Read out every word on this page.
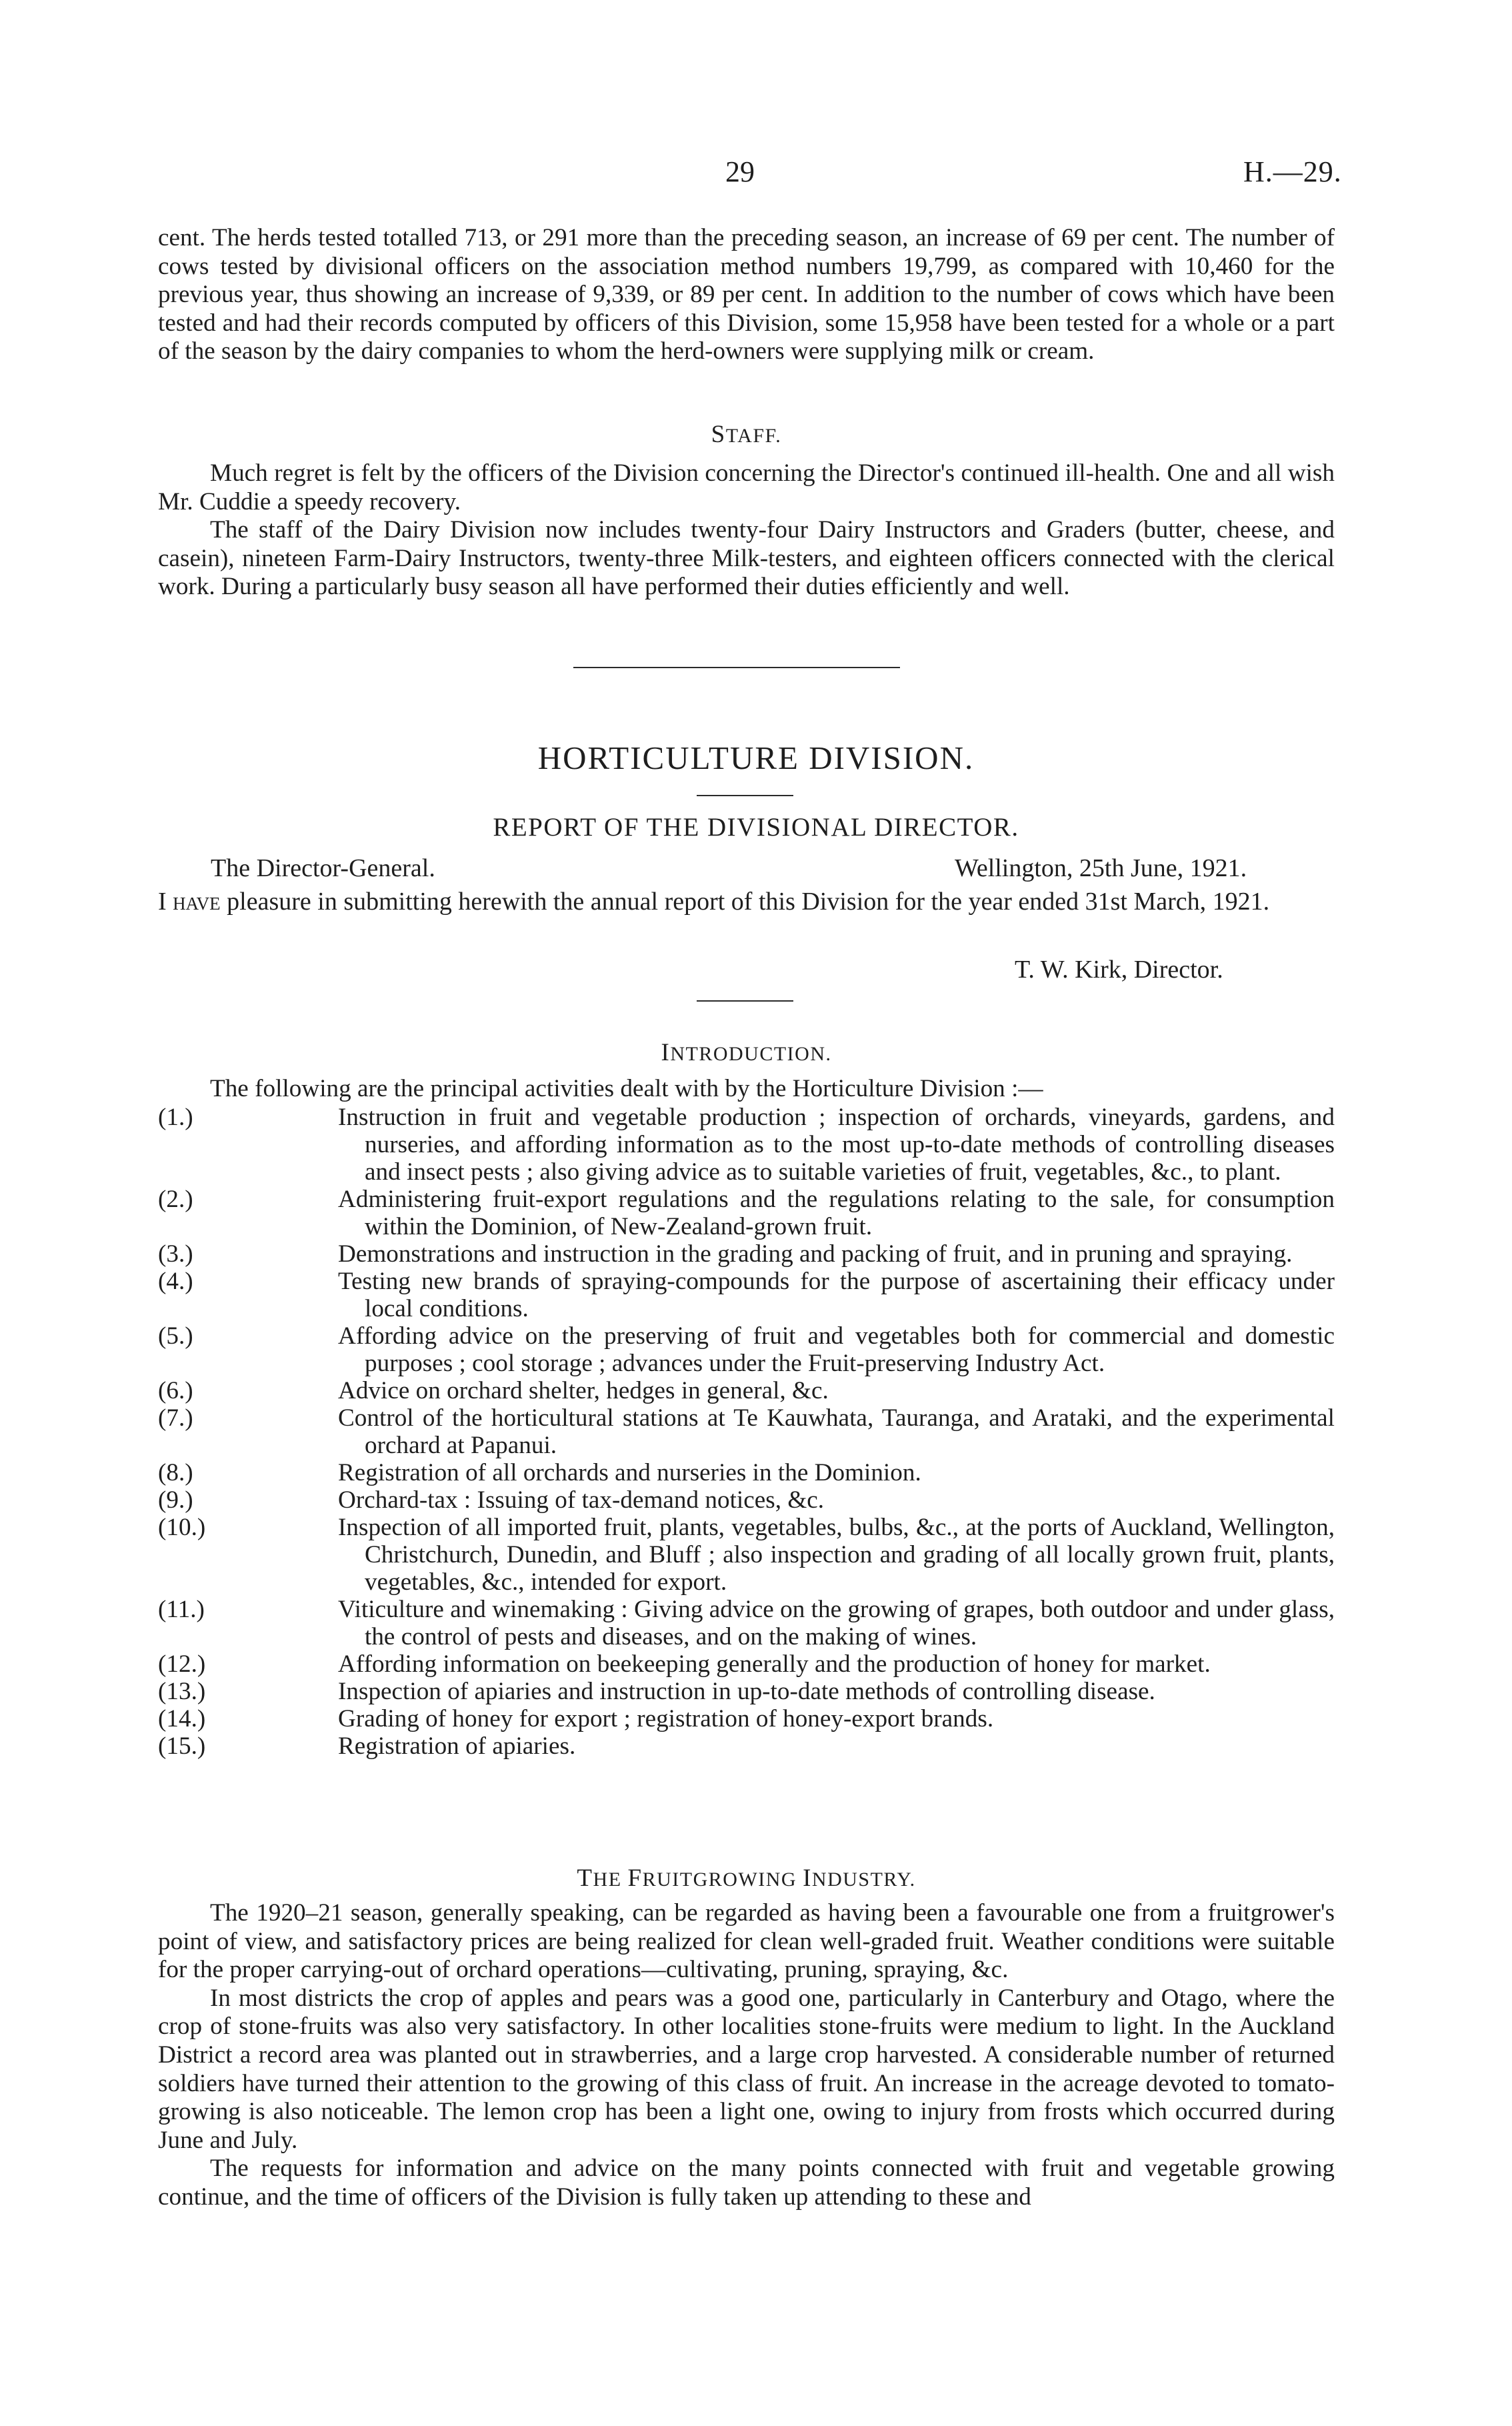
29	H.—29.

cent. The herds tested totalled 713, or 291 more than the preceding season, an increase of 69 per cent. The number of cows tested by divisional officers on the association method numbers 19,799, as compared with 10,460 for the previous year, thus showing an increase of 9,339, or 89 per cent. In addition to the number of cows which have been tested and had their records computed by officers of this Division, some 15,958 have been tested for a whole or a part of the season by the dairy companies to whom the herd-owners were supplying milk or cream.

STAFF.

Much regret is felt by the officers of the Division concerning the Director's continued ill-health. One and all wish Mr. Cuddie a speedy recovery.

The staff of the Dairy Division now includes twenty-four Dairy Instructors and Graders (butter, cheese, and casein), nineteen Farm-Dairy Instructors, twenty-three Milk-testers, and eighteen officers connected with the clerical work. During a particularly busy season all have performed their duties efficiently and well.

HORTICULTURE DIVISION.
REPORT OF THE DIVISIONAL DIRECTOR.
The Director-General.	Wellington, 25th June, 1921.

I have pleasure in submitting herewith the annual report of this Division for the year ended 31st March, 1921.

T. W. Kirk, Director.
INTRODUCTION.

The following are the principal activities dealt with by the Horticulture Division :—

(1.)	Instruction in fruit and vegetable production ; inspection of orchards, vineyards, gardens, and nurseries, and affording information as to the most up-to-date methods of controlling diseases and insect pests ; also giving advice as to suitable varieties of fruit, vegetables, &c., to plant.
(2.)	Administering fruit-export regulations and the regulations relating to the sale, for consumption within the Dominion, of New-Zealand-grown fruit.
(3.)	Demonstrations and instruction in the grading and packing of fruit, and in pruning and spraying.
(4.)	Testing new brands of spraying-compounds for the purpose of ascertaining their efficacy under local conditions.
(5.)	Affording advice on the preserving of fruit and vegetables both for commercial and domestic purposes ; cool storage ; advances under the Fruit-preserving Industry Act.
(6.)	Advice on orchard shelter, hedges in general, &c.
(7.)	Control of the horticultural stations at Te Kauwhata, Tauranga, and Arataki, and the experimental orchard at Papanui.
(8.)	Registration of all orchards and nurseries in the Dominion.
(9.)	Orchard-tax : Issuing of tax-demand notices, &c.
(10.)	Inspection of all imported fruit, plants, vegetables, bulbs, &c., at the ports of Auckland, Wellington, Christchurch, Dunedin, and Bluff ; also inspection and grading of all locally grown fruit, plants, vegetables, &c., intended for export.
(11.)	Viticulture and winemaking : Giving advice on the growing of grapes, both outdoor and under glass, the control of pests and diseases, and on the making of wines.
(12.)	Affording information on beekeeping generally and the production of honey for market.
(13.)	Inspection of apiaries and instruction in up-to-date methods of controlling disease.
(14.)	Grading of honey for export ; registration of honey-export brands.
(15.)	Registration of apiaries.
THE FRUITGROWING INDUSTRY.

The 1920–21 season, generally speaking, can be regarded as having been a favourable one from a fruitgrower's point of view, and satisfactory prices are being realized for clean well-graded fruit. Weather conditions were suitable for the proper carrying-out of orchard operations—cultivating, pruning, spraying, &c.

In most districts the crop of apples and pears was a good one, particularly in Canterbury and Otago, where the crop of stone-fruits was also very satisfactory. In other localities stone-fruits were medium to light. In the Auckland District a record area was planted out in strawberries, and a large crop harvested. A considerable number of returned soldiers have turned their attention to the growing of this class of fruit. An increase in the acreage devoted to tomato-growing is also noticeable. The lemon crop has been a light one, owing to injury from frosts which occurred during June and July.

The requests for information and advice on the many points connected with fruit and vegetable growing continue, and the time of officers of the Division is fully taken up attending to these and
